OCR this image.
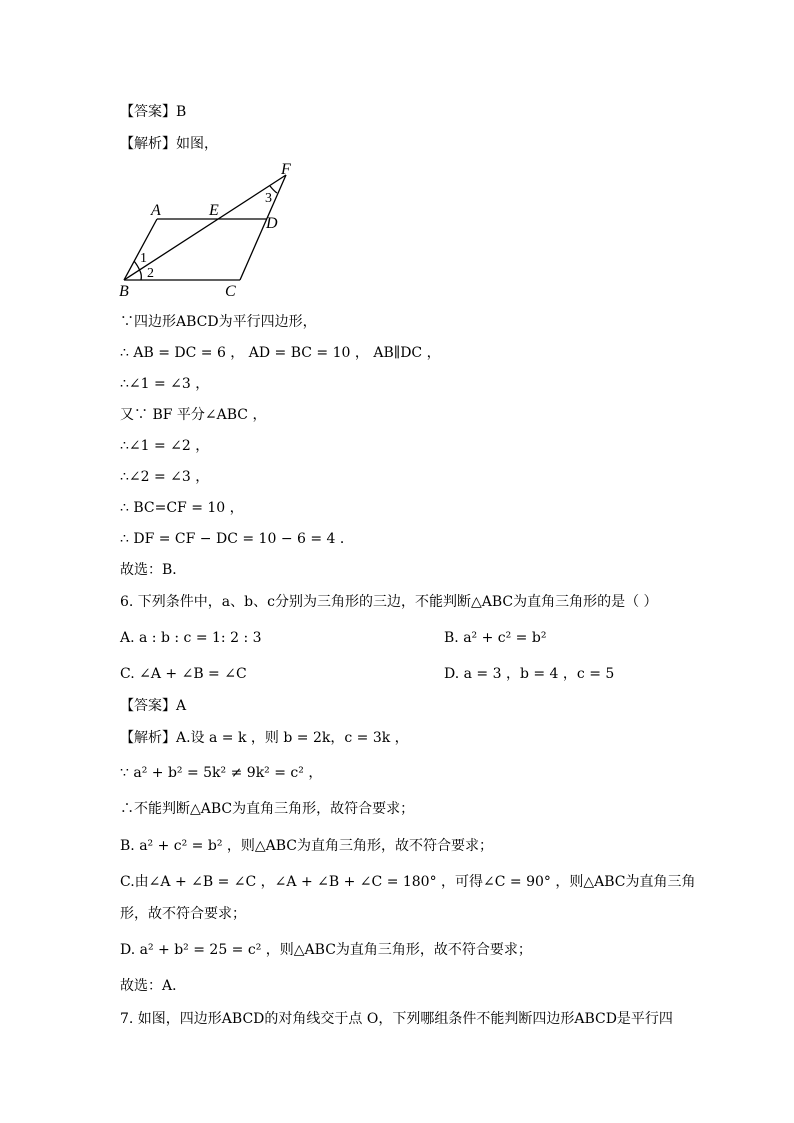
【答案】B
【解析】如图，
A	E
F
D
B	C
1
2
3
∵四边形ABCD为平行四边形，
∴ AB = DC = 6 ， AD = BC = 10 ， AB∥DC ，
∴∠1 = ∠3 ，
又∵ BF 平分∠ABC ，
∴∠1 = ∠2 ，
∴∠2 = ∠3 ，
∴ BC=CF = 10 ，
∴ DF = CF − DC = 10 − 6 = 4 ．
故选：B．
6. 下列条件中，a、b、c分别为三角形的三边，不能判断△ABC为直角三角形的是（ ）
A. a : b : c = 1: 2 : 3	B. a² + c² = b²
C. ∠A + ∠B = ∠C	D. a = 3 ，b = 4 ，c = 5
【答案】A
【解析】A.设 a = k ，则 b = 2k，c = 3k ，
∵ a² + b² = 5k² ≠ 9k² = c² ，
∴不能判断△ABC为直角三角形，故符合要求；
B. a² + c² = b² ，则△ABC为直角三角形，故不符合要求；
C.由∠A + ∠B = ∠C ，∠A + ∠B + ∠C = 180° ，可得∠C = 90° ，则△ABC为直角三角
形，故不符合要求；
D. a² + b² = 25 = c² ，则△ABC为直角三角形，故不符合要求；
故选：A．
7. 如图，四边形ABCD的对角线交于点 O，下列哪组条件不能判断四边形ABCD是平行四
